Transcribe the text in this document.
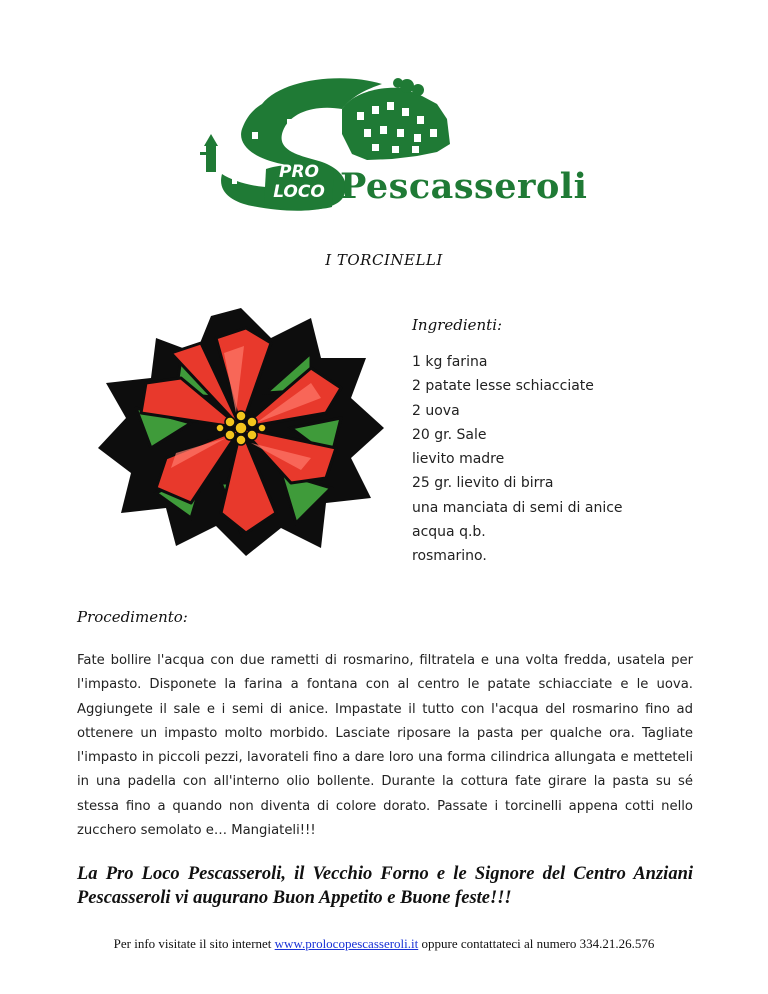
PRO
LOCO Pescasseroli
I TORCINELLI
Ingredienti:
1 kg farina
2 patate lesse schiacciate
2 uova
20 gr. Sale
lievito madre
25 gr. lievito di birra
una manciata di semi di anice
acqua q.b.
rosmarino.
Procedimento:

Fate bollire l'acqua con due rametti di rosmarino, filtratela e una volta fredda, usatela per l'impasto. Disponete la farina a fontana con al centro le patate schiacciate e le uova. Aggiungete il sale e i semi di anice. Impastate il tutto con l'acqua del rosmarino fino ad ottenere un impasto molto morbido. Lasciate riposare la pasta per qualche ora. Tagliate l'impasto in piccoli pezzi, lavorateli fino a dare loro una forma cilindrica allungata e metteteli in una padella con all'interno olio bollente. Durante la cottura fate girare la pasta su sé stessa fino a quando non diventa di colore dorato. Passate i torcinelli appena cotti nello zucchero semolato e… Mangiateli!!!

La Pro Loco Pescasseroli, il Vecchio Forno e le Signore del Centro Anziani Pescasseroli vi augurano Buon Appetito e Buone feste!!!

Per info visitate il sito internet www.prolocopescasseroli.it oppure contattateci al numero 334.21.26.576
